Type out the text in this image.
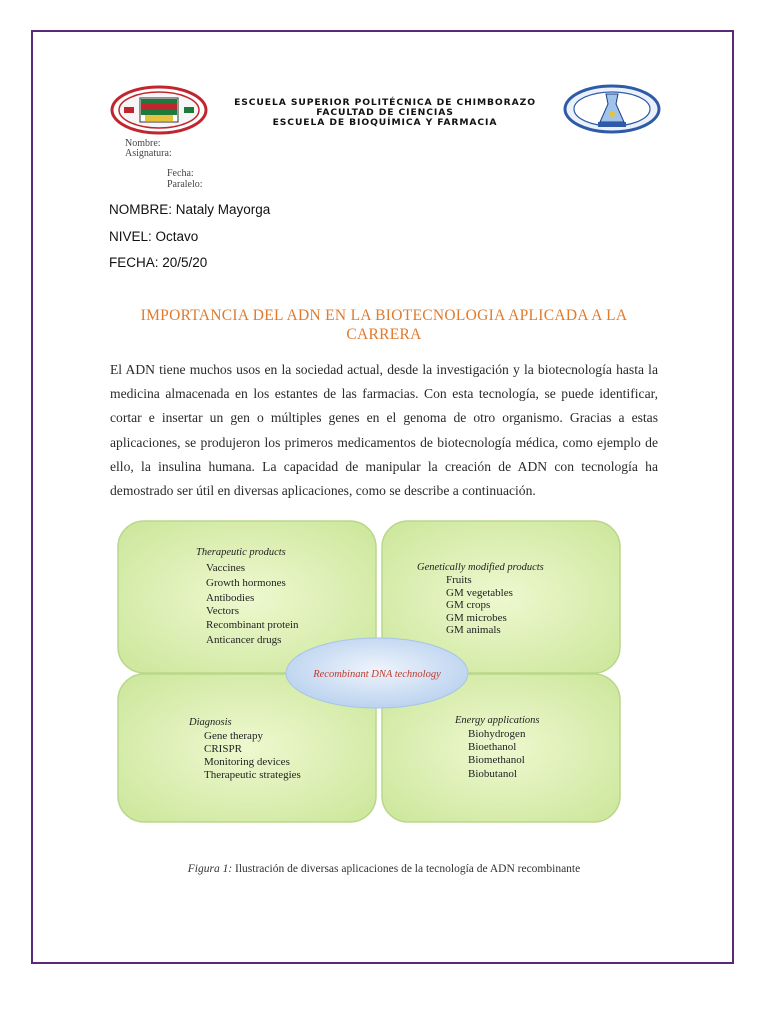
ESCUELA SUPERIOR POLITÉCNICA DE CHIMBORAZO
FACULTAD DE CIENCIAS
ESCUELA DE BIOQUÍMICA Y FARMACIA
Nombre:
Asignatura:
Fecha:
Paralelo:
NOMBRE: Nataly Mayorga
NIVEL: Octavo
FECHA: 20/5/20
IMPORTANCIA DEL ADN EN LA BIOTECNOLOGIA APLICADA A LA
CARRERA
El ADN tiene muchos usos en la sociedad actual, desde la investigación y la biotecnología hasta la medicina almacenada en los estantes de las farmacias. Con esta tecnología, se puede identificar, cortar e insertar un gen o múltiples genes en el genoma de otro organismo. Gracias a estas aplicaciones, se produjeron los primeros medicamentos de biotecnología médica, como ejemplo de ello, la insulina humana. La capacidad de manipular la creación de ADN con tecnología ha demostrado ser útil en diversas aplicaciones, como se describe a continuación.
Therapeutic products
Vaccines
Growth hormones
Antibodies
Vectors
Recombinant protein
Anticancer drugs
Genetically modified products
Fruits
GM vegetables
GM crops
GM microbes
GM animals
Recombinant DNA technology
Diagnosis
Gene therapy
CRISPR
Monitoring devices
Therapeutic strategies
Energy applications
Biohydrogen
Bioethanol
Biomethanol
Biobutanol
Figura 1: Ilustración de diversas aplicaciones de la tecnología de ADN recombinante
